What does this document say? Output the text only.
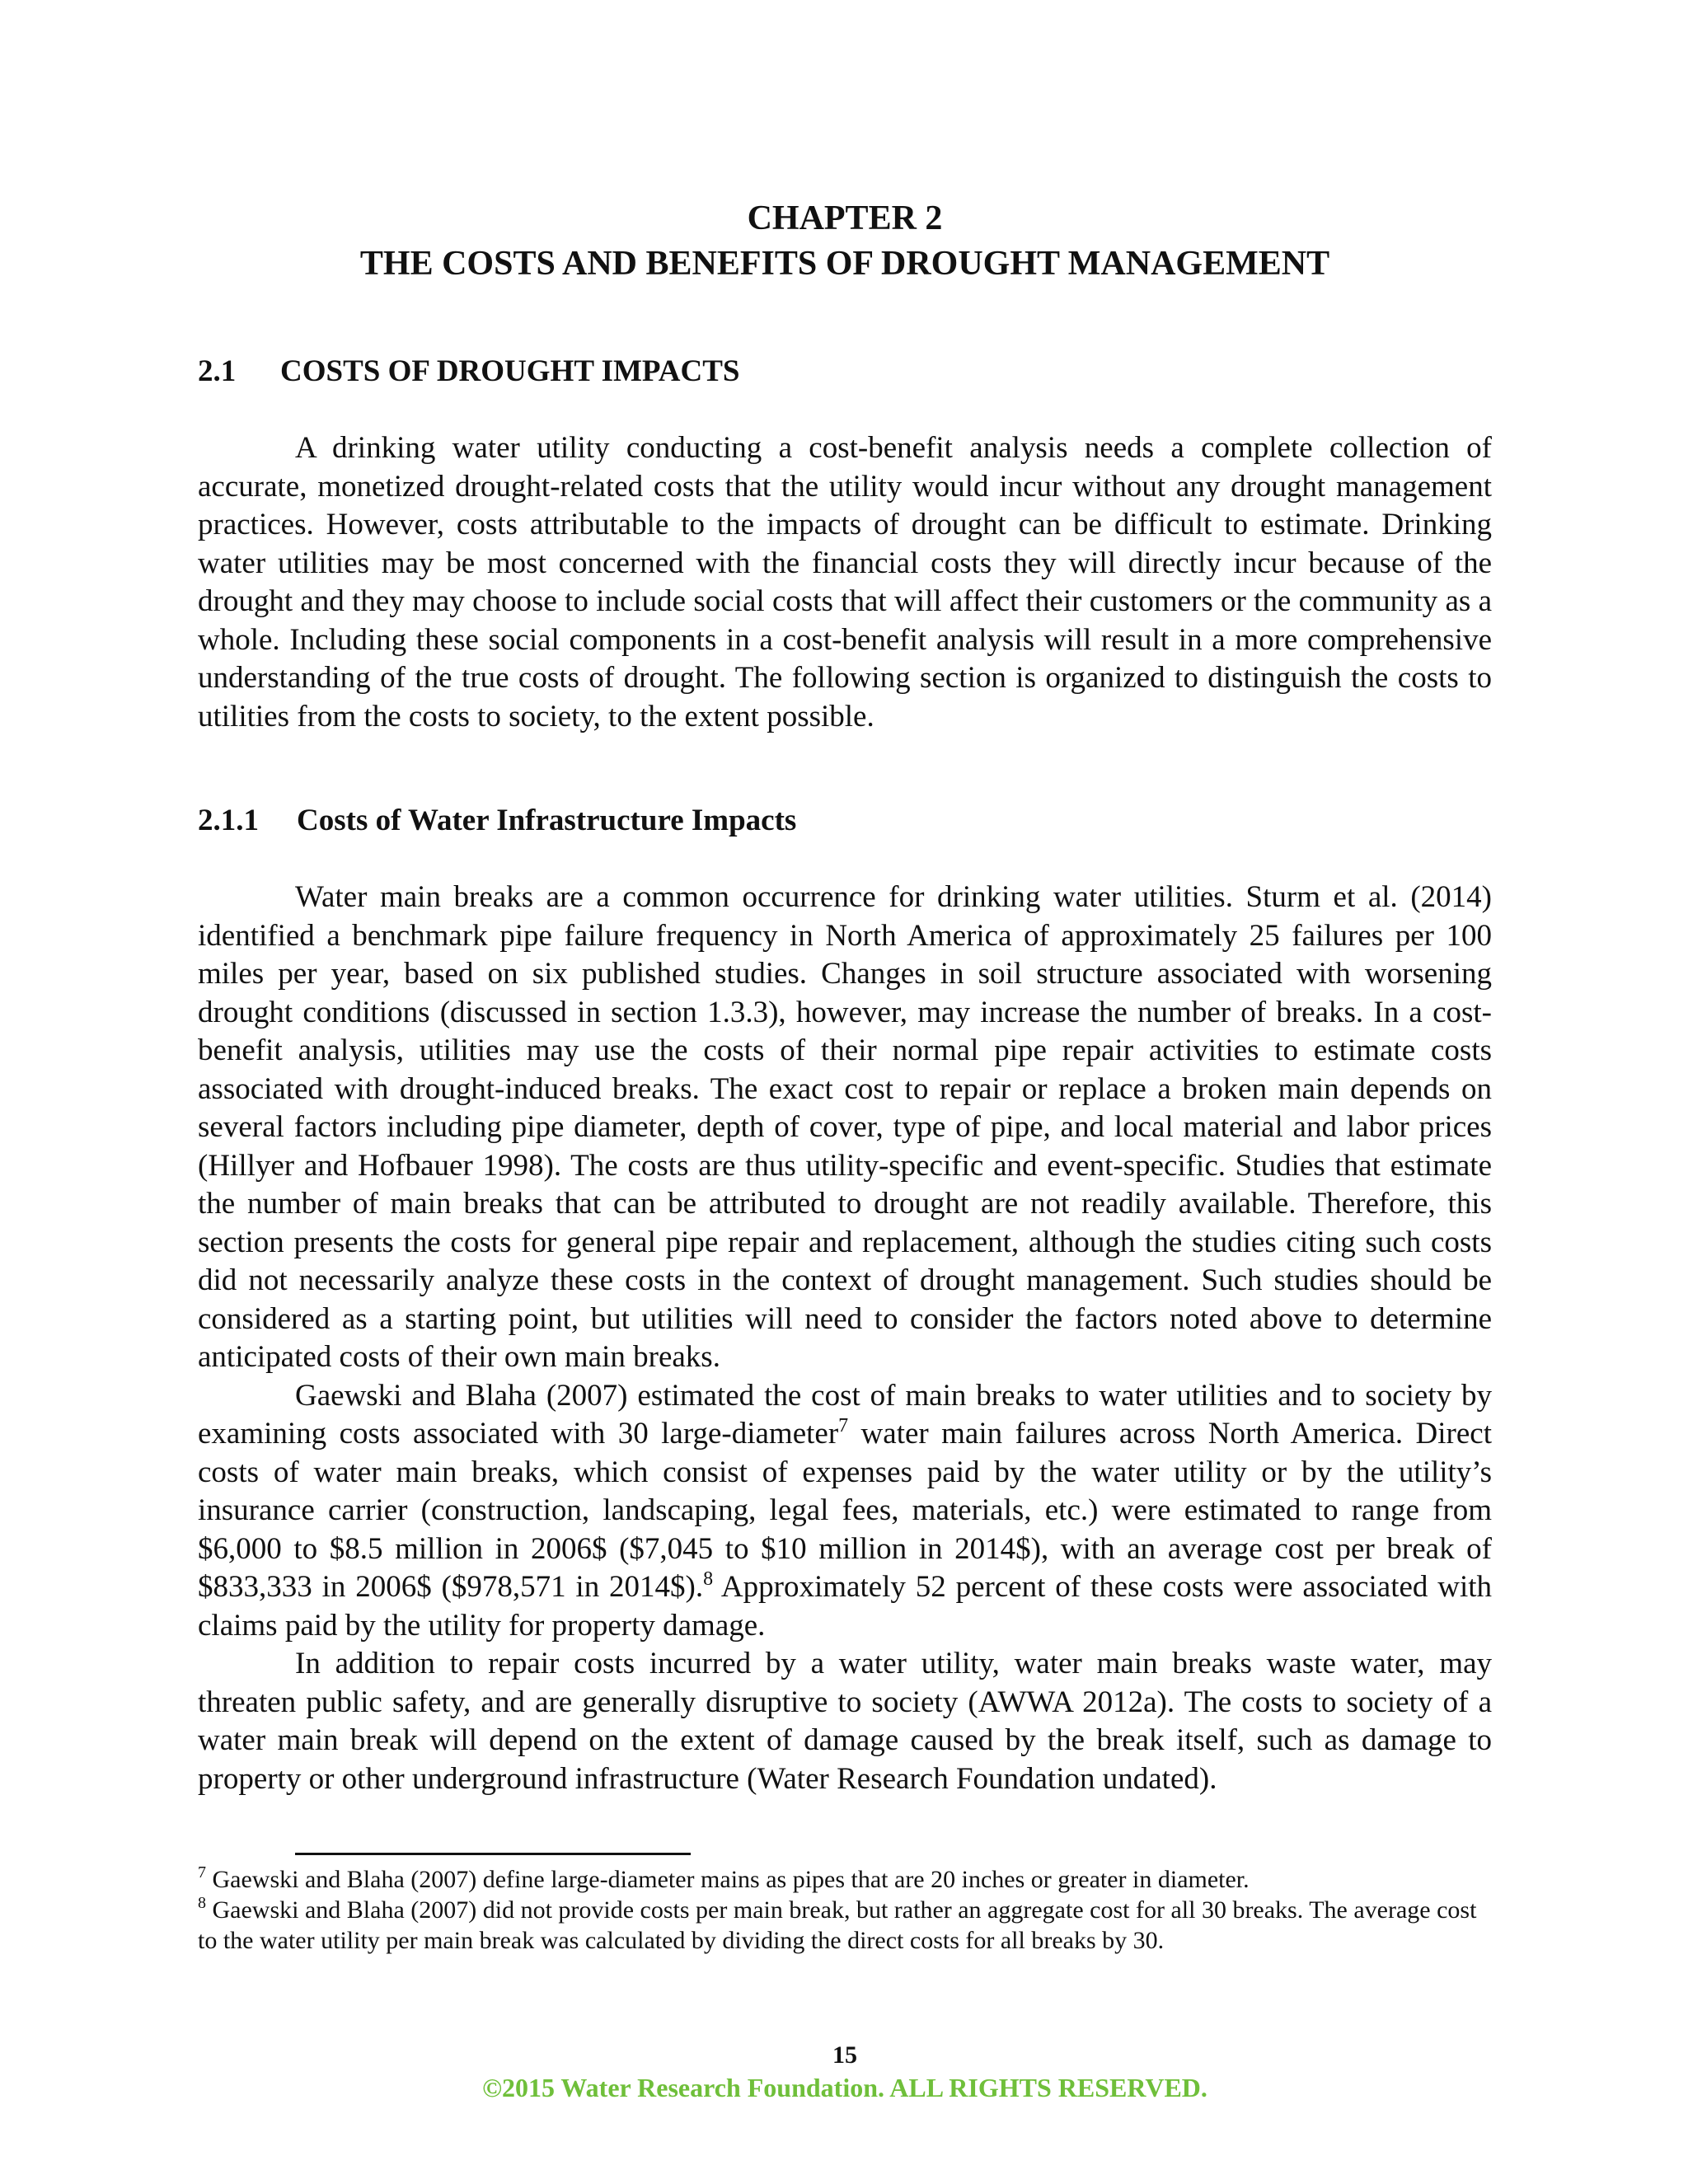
CHAPTER 2
THE COSTS AND BENEFITS OF DROUGHT MANAGEMENT
2.1 COSTS OF DROUGHT IMPACTS

A drinking water utility conducting a cost-benefit analysis needs a complete collection of accurate, monetized drought-related costs that the utility would incur without any drought management practices. However, costs attributable to the impacts of drought can be difficult to estimate. Drinking water utilities may be most concerned with the financial costs they will directly incur because of the drought and they may choose to include social costs that will affect their customers or the community as a whole. Including these social components in a cost-benefit analysis will result in a more comprehensive understanding of the true costs of drought. The following section is organized to distinguish the costs to utilities from the costs to society, to the extent possible.

2.1.1 Costs of Water Infrastructure Impacts

Water main breaks are a common occurrence for drinking water utilities. Sturm et al. (2014) identified a benchmark pipe failure frequency in North America of approximately 25 failures per 100 miles per year, based on six published studies. Changes in soil structure associated with worsening drought conditions (discussed in section 1.3.3), however, may increase the number of breaks. In a cost-benefit analysis, utilities may use the costs of their normal pipe repair activities to estimate costs associated with drought-induced breaks. The exact cost to repair or replace a broken main depends on several factors including pipe diameter, depth of cover, type of pipe, and local material and labor prices (Hillyer and Hofbauer 1998). The costs are thus utility-specific and event-specific. Studies that estimate the number of main breaks that can be attributed to drought are not readily available. Therefore, this section presents the costs for general pipe repair and replacement, although the studies citing such costs did not necessarily analyze these costs in the context of drought management. Such studies should be considered as a starting point, but utilities will need to consider the factors noted above to determine anticipated costs of their own main breaks.

Gaewski and Blaha (2007) estimated the cost of main breaks to water utilities and to society by examining costs associated with 30 large-diameter$^7$ water main failures across North America. Direct costs of water main breaks, which consist of expenses paid by the water utility or by the utility’s insurance carrier (construction, landscaping, legal fees, materials, etc.) were estimated to range from $6,000 to $8.5 million in 2006$ ($7,045 to $10 million in 2014$), with an average cost per break of $833,333 in 2006$ ($978,571 in 2014$).$^8$ Approximately 52 percent of these costs were associated with claims paid by the utility for property damage.

In addition to repair costs incurred by a water utility, water main breaks waste water, may threaten public safety, and are generally disruptive to society (AWWA 2012a). The costs to society of a water main break will depend on the extent of damage caused by the break itself, such as damage to property or other underground infrastructure (Water Research Foundation undated).

$^7$ Gaewski and Blaha (2007) define large-diameter mains as pipes that are 20 inches or greater in diameter.

$^8$ Gaewski and Blaha (2007) did not provide costs per main break, but rather an aggregate cost for all 30 breaks. The average cost to the water utility per main break was calculated by dividing the direct costs for all breaks by 30.

15
©2015 Water Research Foundation. ALL RIGHTS RESERVED.
